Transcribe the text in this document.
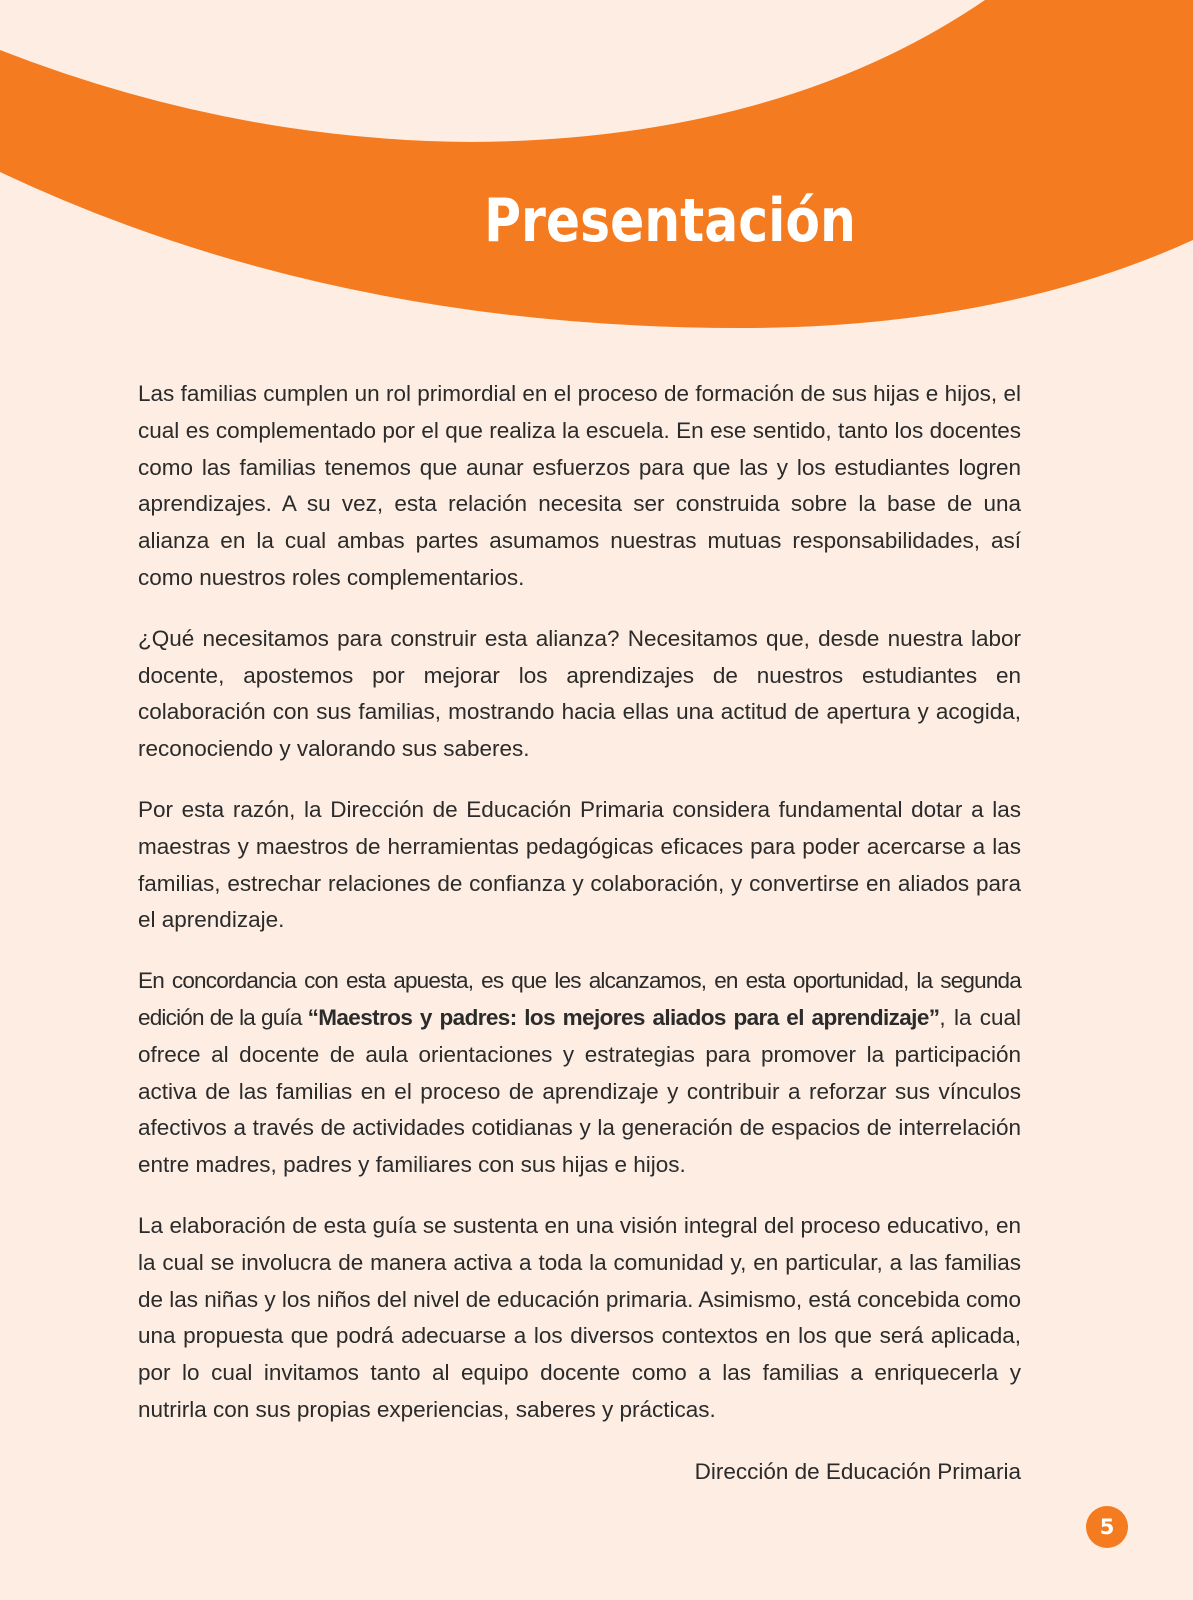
Presentación

Las familias cumplen un rol primordial en el proceso de formación de sus hijas e hijos, el cual es complementado por el que realiza la escuela. En ese sentido, tanto los docentes como las familias tenemos que aunar esfuerzos para que las y los estudiantes logren aprendizajes. A su vez, esta relación necesita ser construida sobre la base de una alianza en la cual ambas partes asumamos nuestras mutuas responsabilidades, así como nuestros roles complementarios.

¿Qué necesitamos para construir esta alianza? Necesitamos que, desde nuestra labor docente, apostemos por mejorar los aprendizajes de nuestros estudiantes en colaboración con sus familias, mostrando hacia ellas una actitud de apertura y acogida, reconociendo y valorando sus saberes.

Por esta razón, la Dirección de Educación Primaria considera fundamental dotar a las maestras y maestros de herramientas pedagógicas eficaces para poder acercarse a las familias, estrechar relaciones de confianza y colaboración, y convertirse en aliados para el aprendizaje.

En concordancia con esta apuesta, es que les alcanzamos, en esta oportunidad, la segunda edición de la guía “Maestros y padres: los mejores aliados para el aprendizaje”, la cual ofrece al docente de aula orientaciones y estrategias para promover la participación activa de las familias en el proceso de aprendizaje y contribuir a reforzar sus vínculos afectivos a través de actividades cotidianas y la generación de espacios de interrelación entre madres, padres y familiares con sus hijas e hijos.

La elaboración de esta guía se sustenta en una visión integral del proceso educativo, en la cual se involucra de manera activa a toda la comunidad y, en particular, a las familias de las niñas y los niños del nivel de educación primaria. Asimismo, está concebida como una propuesta que podrá adecuarse a los diversos contextos en los que será aplicada, por lo cual invitamos tanto al equipo docente como a las familias a enriquecerla y nutrirla con sus propias experiencias, saberes y prácticas.

Dirección de Educación Primaria

5
